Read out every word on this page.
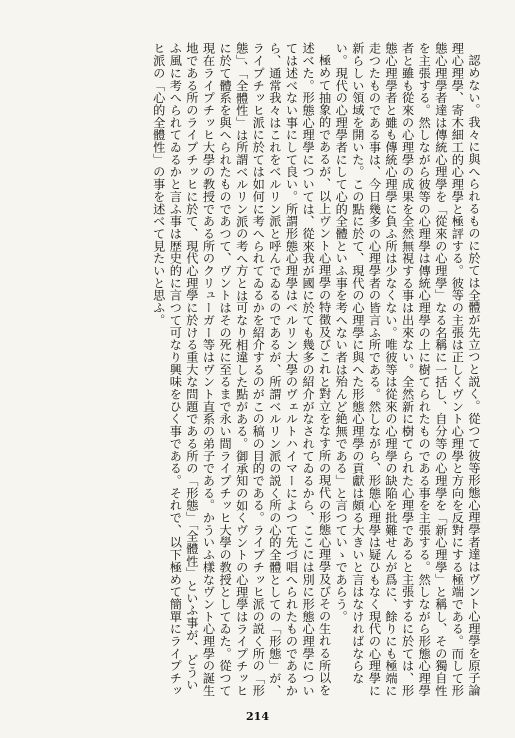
認めない。我々に與へられるものに於ては全體が先立つと説く。從つて彼等形態心理學者達はヴント心理學を原子論理心理學、寄木細工的心理學と極評する。彼等の主張は正しくヴント心理學と方向を反對にする極端である。而して形態心理學者達は傳統心理學を「從來の心理學」なる名稱に一括し、自分等の心理學を「新心理學」と稱し、その獨自性を主張する。然しながら彼等の心理學は傳統心理學の上に樹てられたものである事を主張する。然しながら形態心理學者と雖も從來の心理學の成果を全然無視する事は出來ない。全然新に樹てられた心理學であると主張するに於ては、形態心理學者と雖も傳統心理學に負ふ所は少なくない。唯彼等は從來の心理學の缺陥を批難せんが爲に、餘りにも極端に走つたものである事は、今日幾多の心理學者の皆言ふ所である。然しながら、形態心理學は疑ひもなく現代の心理學に新らしい領域を開いた。この點に於て、現代の心理學に與へた形態心理學の貢獻は頗る大きいと言はなければならない。現代の心理學者にして心的全體といふ事を考へない者は殆んど絶無である」と言つていゝであらう。

極めて抽象的であるが、以上ヴント心理學の特徴及びこれと對立をなす所の現代の形態心理學及びその生れる所以を述べた。形態心理學については、從來我が國に於ても幾多の紹介がなされてゐるから、ここには別に形態心理學については述べない事にして良い。所謂形態心理學はベルリン大學のヴェルトハイマーによつて先づ唱へられたものであるから、通常我々はこれをベルリン派と呼んでゐるのであるが、所謂ベルリン派の説く所の心的全體としての「形態」が、ライプチッヒ派に於ては如何に考へられてゐるかを紹介するのがこの稿の目的である。ライプチッヒ派の説く所の「形態」、「全體性」は所謂ベルリン派の考へ方とは可なり相違した點がある。御承知の如くヴントの心理學はライプチッヒに於て體系を與へられたものであつて、ヴントはその死に至るまで永い間ライプチッヒ大學の教授としてゐた。從つて現在ライプチッヒ大學の教授である所のクリューガー等はヴント直系の弟子である。かういふ樣なヴント心理學の誕生地である所のライプチッヒに於て、現代心理學に於ける重大な問題である所の「形態」「全體性」といふ事が、どういふ風に考へられてゐるかと言ふ事は歴史的に言つて可なり興味をひく事である。それで、以下極めて簡單にライプチッヒ派の「心的全體性」の事を述べて見たいと思ふ。

214
